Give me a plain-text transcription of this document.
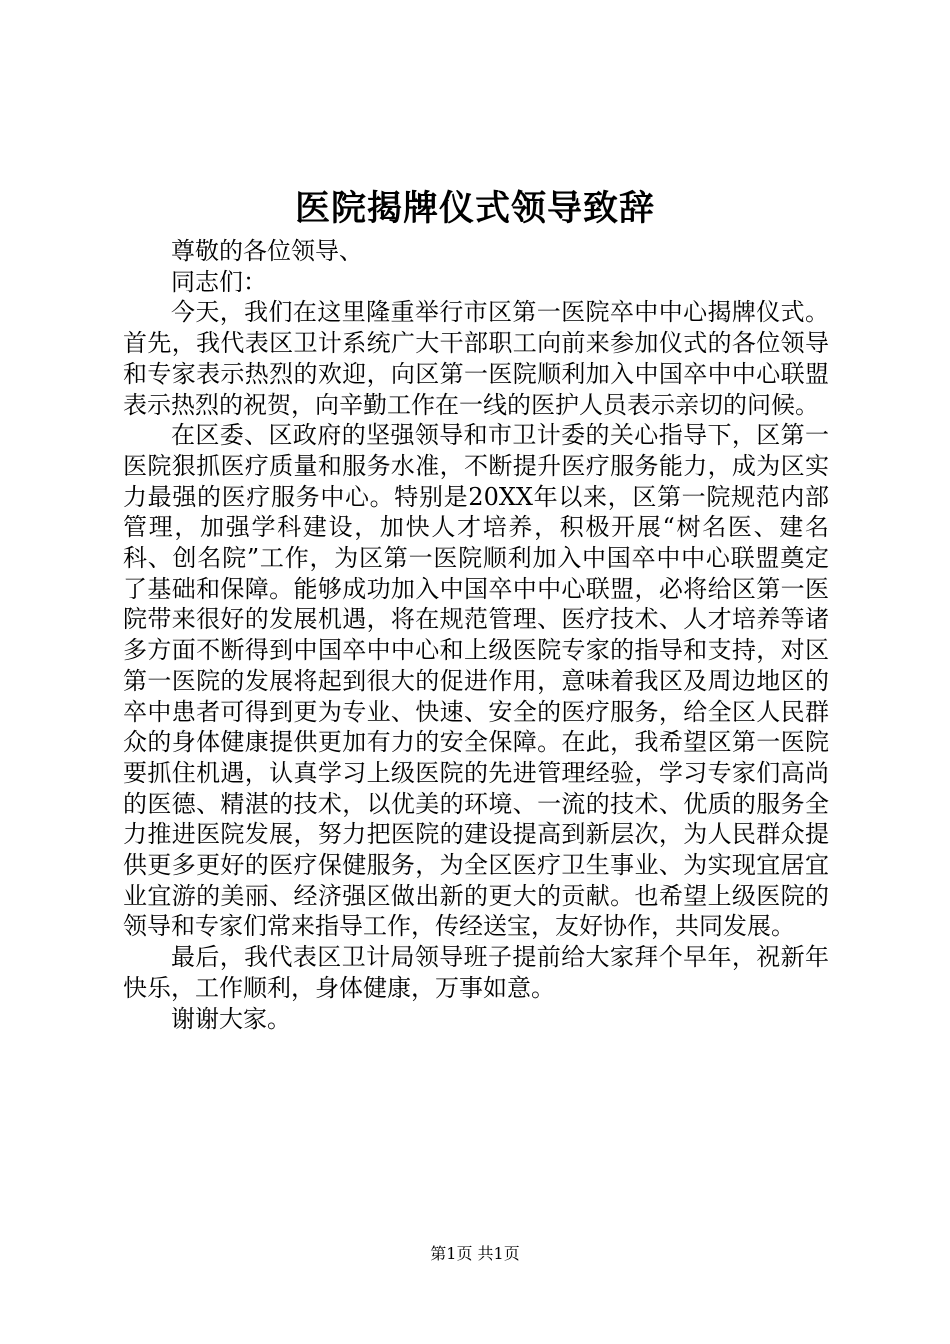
医院揭牌仪式领导致辞

尊敬的各位领导、

同志们：

今天，我们在这里隆重举行市区第一医院卒中中心揭牌仪式。首先，我代表区卫计系统广大干部职工向前来参加仪式的各位领导和专家表示热烈的欢迎，向区第一医院顺利加入中国卒中中心联盟表示热烈的祝贺，向辛勤工作在一线的医护人员表示亲切的问候。

在区委、区政府的坚强领导和市卫计委的关心指导下，区第一医院狠抓医疗质量和服务水准，不断提升医疗服务能力，成为区实力最强的医疗服务中心。特别是20XX年以来，区第一院规范内部管理，加强学科建设，加快人才培养，积极开展“树名医、建名科、创名院”工作，为区第一医院顺利加入中国卒中中心联盟奠定了基础和保障。能够成功加入中国卒中中心联盟，必将给区第一医院带来很好的发展机遇，将在规范管理、医疗技术、人才培养等诸多方面不断得到中国卒中中心和上级医院专家的指导和支持，对区第一医院的发展将起到很大的促进作用，意味着我区及周边地区的卒中患者可得到更为专业、快速、安全的医疗服务，给全区人民群众的身体健康提供更加有力的安全保障。在此，我希望区第一医院要抓住机遇，认真学习上级医院的先进管理经验，学习专家们高尚的医德、精湛的技术，以优美的环境、一流的技术、优质的服务全力推进医院发展，努力把医院的建设提高到新层次，为人民群众提供更多更好的医疗保健服务，为全区医疗卫生事业、为实现宜居宜业宜游的美丽、经济强区做出新的更大的贡献。也希望上级医院的领导和专家们常来指导工作，传经送宝，友好协作，共同发展。

最后，我代表区卫计局领导班子提前给大家拜个早年，祝新年快乐，工作顺利，身体健康，万事如意。

谢谢大家。

第1页 共1页
